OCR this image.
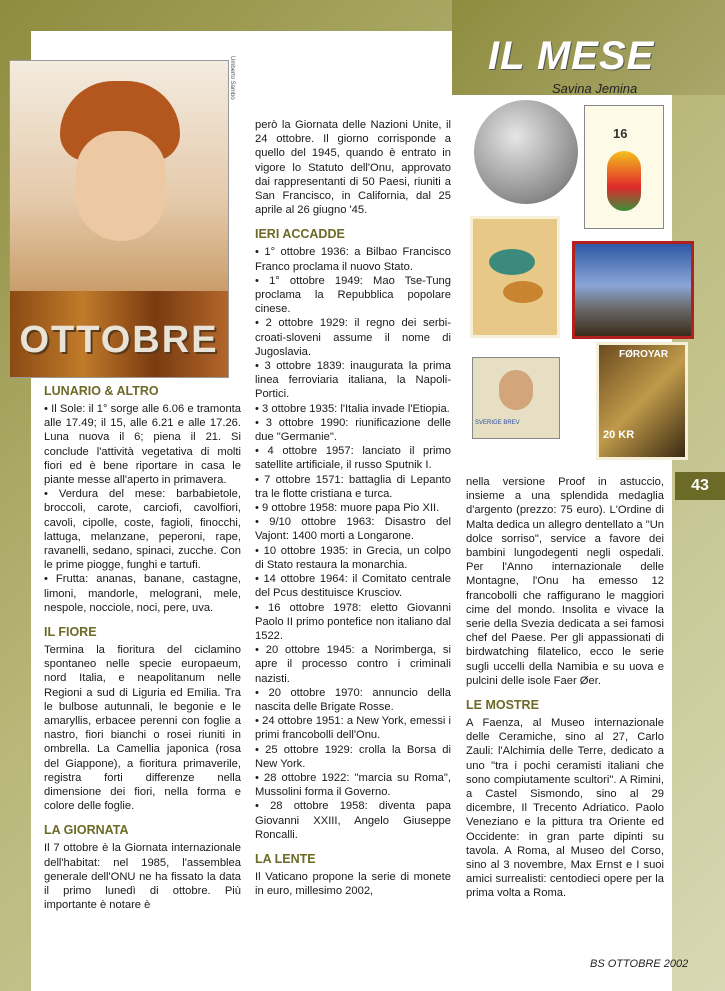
IL MESE
Savina Jemina
43
BS OTTOBRE 2002
OTTOBRE
Umberto Sambo
LUNARIO & ALTRO

• Il Sole: il 1° sorge alle 6.06 e tramonta alle 17.49; il 15, alle 6.21 e alle 17.26. Luna nuova il 6; piena il 21. Si conclude l'attività vegetativa di molti fiori ed è bene riportare in casa le piante messe all'aperto in primavera.

• Verdura del mese: barbabietole, broccoli, carote, carciofi, cavolfiori, cavoli, cipolle, coste, fagioli, finocchi, lattuga, melanzane, peperoni, rape, ravanelli, sedano, spinaci, zucche. Con le prime piogge, funghi e tartufi.

• Frutta: ananas, banane, castagne, limoni, mandorle, melograni, mele, nespole, nocciole, noci, pere, uva.

IL FIORE

Termina la fioritura del ciclamino spontaneo nelle specie europaeum, nord Italia, e neapolitanum nelle Regioni a sud di Liguria ed Emilia. Tra le bulbose autunnali, le begonie e le amaryllis, erbacee perenni con foglie a nastro, fiori bianchi o rosei riuniti in ombrella. La Camellia japonica (rosa del Giappone), a fioritura primaverile, registra forti differenze nella dimensione dei fiori, nella forma e colore delle foglie.

LA GIORNATA

Il 7 ottobre è la Giornata internazionale dell'habitat: nel 1985, l'assemblea generale dell'ONU ne ha fissato la data il primo lunedì di ottobre. Più importante è notare è

però la Giornata delle Nazioni Unite, il 24 ottobre. Il giorno corrisponde a quello del 1945, quando è entrato in vigore lo Statuto dell'Onu, approvato dai rappresentanti di 50 Paesi, riuniti a San Francisco, in California, dal 25 aprile al 26 giugno '45.

IERI ACCADDE

• 1° ottobre 1936: a Bilbao Francisco Franco proclama il nuovo Stato.

• 1° ottobre 1949: Mao Tse-Tung proclama la Repubblica popolare cinese.

• 2 ottobre 1929: il regno dei serbi-croati-sloveni assume il nome di Jugoslavia.

• 3 ottobre 1839: inaugurata la prima linea ferroviaria italiana, la Napoli-Portici.

• 3 ottobre 1935: l'Italia invade l'Etiopia.

• 3 ottobre 1990: riunificazione delle due "Germanie".

• 4 ottobre 1957: lanciato il primo satellite artificiale, il russo Sputnik I.

• 7 ottobre 1571: battaglia di Lepanto tra le flotte cristiana e turca.

• 9 ottobre 1958: muore papa Pio XII.

• 9/10 ottobre 1963: Disastro del Vajont: 1400 morti a Longarone.

• 10 ottobre 1935: in Grecia, un colpo di Stato restaura la monarchia.

• 14 ottobre 1964: il Comitato centrale del Pcus destituisce Krusciov.

• 16 ottobre 1978: eletto Giovanni Paolo II primo pontefice non italiano dal 1522.

• 20 ottobre 1945: a Norimberga, si apre il processo contro i criminali nazisti.

• 20 ottobre 1970: annuncio della nascita delle Brigate Rosse.

• 24 ottobre 1951: a New York, emessi i primi francobolli dell'Onu.

• 25 ottobre 1929: crolla la Borsa di New York.

• 28 ottobre 1922: "marcia su Roma", Mussolini forma il Governo.

• 28 ottobre 1958: diventa papa Giovanni XXIII, Angelo Giuseppe Roncalli.

LA LENTE

Il Vaticano propone la serie di monete in euro, millesimo 2002,

16
SVERIGE BREV
FØROYAR
20 KR

nella versione Proof in astuccio, insieme a una splendida medaglia d'argento (prezzo: 75 euro). L'Ordine di Malta dedica un allegro dentellato a "Un dolce sorriso", service a favore dei bambini lungodegenti negli ospedali. Per l'Anno internazionale delle Montagne, l'Onu ha emesso 12 francobolli che raffigurano le maggiori cime del mondo. Insolita e vivace la serie della Svezia dedicata a sei famosi chef del Paese. Per gli appassionati di birdwatching filatelico, ecco le serie sugli uccelli della Namibia e su uova e pulcini delle isole Faer Øer.

LE MOSTRE

A Faenza, al Museo internazionale delle Ceramiche, sino al 27, Carlo Zauli: l'Alchimia delle Terre, dedicato a uno "tra i pochi ceramisti italiani che sono compiutamente scultori". A Rimini, a Castel Sismondo, sino al 29 dicembre, Il Trecento Adriatico. Paolo Veneziano e la pittura tra Oriente ed Occidente: in gran parte dipinti su tavola. A Roma, al Museo del Corso, sino al 3 novembre, Max Ernst e I suoi amici surrealisti: centodieci opere per la prima volta a Roma.
